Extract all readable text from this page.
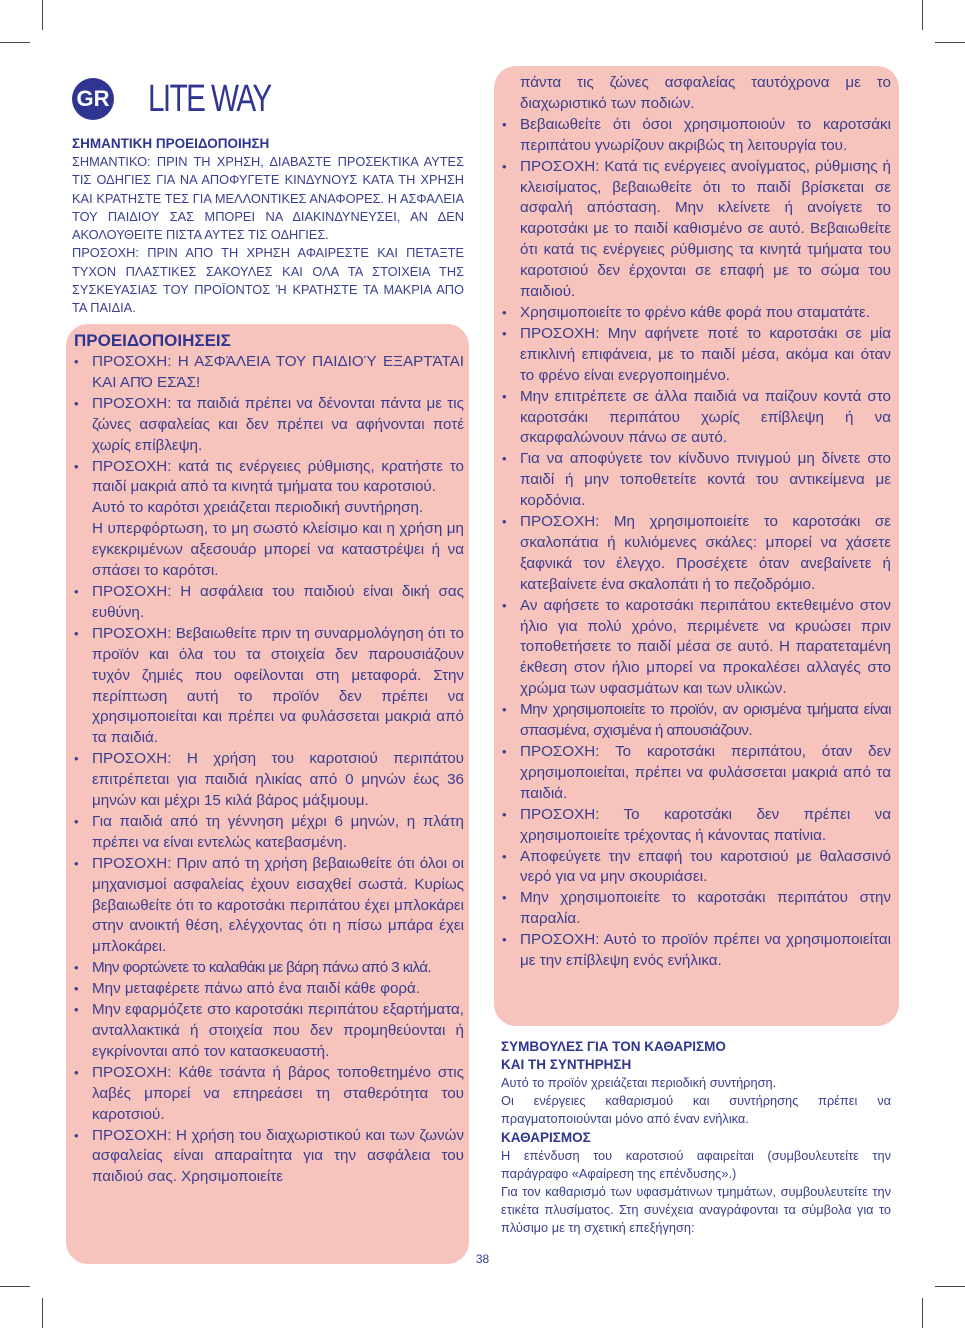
GR LITE WAY

ΣΗΜΑΝΤΙΚΗ ΠΡΟΕΙΔΟΠΟΙΗΣΗ

ΣΗΜΑΝΤΙΚΟ: ΠΡΙΝ ΤΗ ΧΡΗΣΗ, ΔΙΑΒΑΣΤΕ ΠΡΟΣΕΚΤΙΚΑ ΑΥΤΕΣ ΤΙΣ ΟΔΗΓΙΕΣ ΓΙΑ ΝΑ ΑΠΟΦΥΓΕΤΕ ΚΙΝΔΥΝΟΥΣ ΚΑΤΑ ΤΗ ΧΡΗΣΗ ΚΑΙ ΚΡΑΤΗΣΤΕ ΤΕΣ ΓΙΑ ΜΕΛΛΟΝΤΙΚΕΣ ΑΝΑΦΟΡΕΣ. Η ΑΣΦΑΛΕΙΑ ΤΟΥ ΠΑΙΔΙΟΥ ΣΑΣ ΜΠΟΡΕΙ ΝΑ ΔΙΑΚΙΝΔΥΝΕΥΣΕΙ, ΑΝ ΔΕΝ ΑΚΟΛΟΥΘΕΙΤΕ ΠΙΣΤΑ ΑΥΤΕΣ ΤΙΣ ΟΔΗΓΙΕΣ.

ΠΡΟΣΟΧΗ: ΠΡΙΝ ΑΠΟ ΤΗ ΧΡΗΣΗ ΑΦΑΙΡΕΣΤΕ ΚΑΙ ΠΕΤΑΞΤΕ ΤΥΧΟΝ ΠΛΑΣΤΙΚΕΣ ΣΑΚΟΥΛΕΣ ΚΑΙ ΟΛΑ ΤΑ ΣΤΟΙΧΕΙΑ ΤΗΣ ΣΥΣΚΕΥΑΣΙΑΣ ΤΟΥ ΠΡΟΪΟΝΤΟΣ Ή ΚΡΑΤΗΣΤΕ ΤΑ ΜΑΚΡΙΑ ΑΠΟ ΤΑ ΠΑΙΔΙΑ.

ΠΡΟΕΙΔΟΠΟΙΗΣΕΙΣ
• ΠΡΟΣΟΧΗ: Η ΑΣΦΆΛΕΙΑ ΤΟΥ ΠΑΙΔΙΟΎ ΕΞΑΡΤΆΤΑΙ ΚΑΙ ΑΠΌ ΕΣΆΣ!
• ΠΡΟΣΟΧΗ: τα παιδιά πρέπει να δένονται πάντα με τις ζώνες ασφαλείας και δεν πρέπει να αφήνονται ποτέ χωρίς επίβλεψη.
• ΠΡΟΣΟΧΗ: κατά τις ενέργειες ρύθμισης, κρατήστε το παιδί μακριά από τα κινητά τμήματα του καροτσιού.
Αυτό το καρότσι χρειάζεται περιοδική συντήρηση.
Η υπερφόρτωση, το μη σωστό κλείσιμο και η χρήση μη εγκεκριμένων αξεσουάρ μπορεί να καταστρέψει ή να σπάσει το καρότσι.
• ΠΡΟΣΟΧΗ: Η ασφάλεια του παιδιού είναι δική σας ευθύνη.
• ΠΡΟΣΟΧΗ: Βεβαιωθείτε πριν τη συναρμολόγηση ότι το προϊόν και όλα του τα στοιχεία δεν παρουσιάζουν τυχόν ζημιές που οφείλονται στη μεταφορά. Στην περίπτωση αυτή το προϊόν δεν πρέπει να χρησιμοποιείται και πρέπει να φυλάσσεται μακριά από τα παιδιά.
• ΠΡΟΣΟΧΗ: Η χρήση του καροτσιού περιπάτου επιτρέπεται για παιδιά ηλικίας από 0 μηνών έως 36 μηνών και μέχρι 15 κιλά βάρος μάξιμουμ.
• Για παιδιά από τη γέννηση μέχρι 6 μηνών, η πλάτη πρέπει να είναι εντελώς κατεβασμένη.
• ΠΡΟΣΟΧΗ: Πριν από τη χρήση βεβαιωθείτε ότι όλοι οι μηχανισμοί ασφαλείας έχουν εισαχθεί σωστά. Κυρίως βεβαιωθείτε ότι το καροτσάκι περιπάτου έχει μπλοκάρει στην ανοικτή θέση, ελέγχοντας ότι η πίσω μπάρα έχει μπλοκάρει.
• Μην φορτώνετε το καλαθάκι με βάρη πάνω από 3 κιλά.
• Μην μεταφέρετε πάνω από ένα παιδί κάθε φορά.
• Μην εφαρμόζετε στο καροτσάκι περιπάτου εξαρτήματα, ανταλλακτικά ή στοιχεία που δεν προμηθεύονται ή εγκρίνονται από τον κατασκευαστή.
• ΠΡΟΣΟΧΗ: Κάθε τσάντα ή βάρος τοποθετημένο στις λαβές μπορεί να επηρεάσει τη σταθερότητα του καροτσιού.
• ΠΡΟΣΟΧΗ: Η χρήση του διαχωριστικού και των ζωνών ασφαλείας είναι απαραίτητα για την ασφάλεια του παιδιού σας. Χρησιμοποιείτε
πάντα τις ζώνες ασφαλείας ταυτόχρονα με το διαχωριστικό των ποδιών.
• Βεβαιωθείτε ότι όσοι χρησιμοποιούν το καροτσάκι περιπάτου γνωρίζουν ακριβώς τη λειτουργία του.
• ΠΡΟΣΟΧΗ: Κατά τις ενέργειες ανοίγματος, ρύθμισης ή κλεισίματος, βεβαιωθείτε ότι το παιδί βρίσκεται σε ασφαλή απόσταση. Μην κλείνετε ή ανοίγετε το καροτσάκι με το παιδί καθισμένο σε αυτό. Βεβαιωθείτε ότι κατά τις ενέργειες ρύθμισης τα κινητά τμήματα του καροτσιού δεν έρχονται σε επαφή με το σώμα του παιδιού.
• Χρησιμοποιείτε το φρένο κάθε φορά που σταματάτε.
• ΠΡΟΣΟΧΗ: Μην αφήνετε ποτέ το καροτσάκι σε μία επικλινή επιφάνεια, με το παιδί μέσα, ακόμα και όταν το φρένο είναι ενεργοποιημένο.
• Μην επιτρέπετε σε άλλα παιδιά να παίζουν κοντά στο καροτσάκι περιπάτου χωρίς επίβλεψη ή να σκαρφαλώνουν πάνω σε αυτό.
• Για να αποφύγετε τον κίνδυνο πνιγμού μη δίνετε στο παιδί ή μην τοποθετείτε κοντά του αντικείμενα με κορδόνια.
• ΠΡΟΣΟΧΗ: Μη χρησιμοποιείτε το καροτσάκι σε σκαλοπάτια ή κυλιόμενες σκάλες: μπορεί να χάσετε ξαφνικά τον έλεγχο. Προσέχετε όταν ανεβαίνετε ή κατεβαίνετε ένα σκαλοπάτι ή το πεζοδρόμιο.
• Αν αφήσετε το καροτσάκι περιπάτου εκτεθειμένο στον ήλιο για πολύ χρόνο, περιμένετε να κρυώσει πριν τοποθετήσετε το παιδί μέσα σε αυτό. Η παρατεταμένη έκθεση στον ήλιο μπορεί να προκαλέσει αλλαγές στο χρώμα των υφασμάτων και των υλικών.
• Μην χρησιμοποιείτε το προϊόν, αν ορισμένα τμήματα είναι σπασμένα, σχισμένα ή απουσιάζουν.
• ΠΡΟΣΟΧΗ: Το καροτσάκι περιπάτου, όταν δεν χρησιμοποιείται, πρέπει να φυλάσσεται μακριά από τα παιδιά.
• ΠΡΟΣΟΧΗ: Το καροτσάκι δεν πρέπει να χρησιμοποιείτε τρέχοντας ή κάνοντας πατίνια.
• Αποφεύγετε την επαφή του καροτσιού με θαλασσινό νερό για να μην σκουριάσει.
• Μην χρησιμοποιείτε το καροτσάκι περιπάτου στην παραλία.
• ΠΡΟΣΟΧΗ: Αυτό το προϊόν πρέπει να χρησιμοποιείται με την επίβλεψη ενός ενήλικα.

ΣΥΜΒΟΥΛΕΣ ΓΙΑ ΤΟΝ ΚΑΘΑΡΙΣΜΟ

ΚΑΙ ΤΗ ΣΥΝΤΗΡΗΣΗ

Αυτό το προϊόν χρειάζεται περιοδική συντήρηση.

Οι ενέργειες καθαρισμού και συντήρησης πρέπει να πραγματοποιούνται μόνο από έναν ενήλικα.

ΚΑΘΑΡΙΣΜΟΣ

Η επένδυση του καροτσιού αφαιρείται (συμβουλευτείτε την παράγραφο «Αφαίρεση της επένδυσης».)

Για τον καθαρισμό των υφασμάτινων τμημάτων, συμβουλευτείτε την ετικέτα πλυσίματος. Στη συνέχεια αναγράφονται τα σύμβολα για το πλύσιμο με τη σχετική επεξήγηση:

38
